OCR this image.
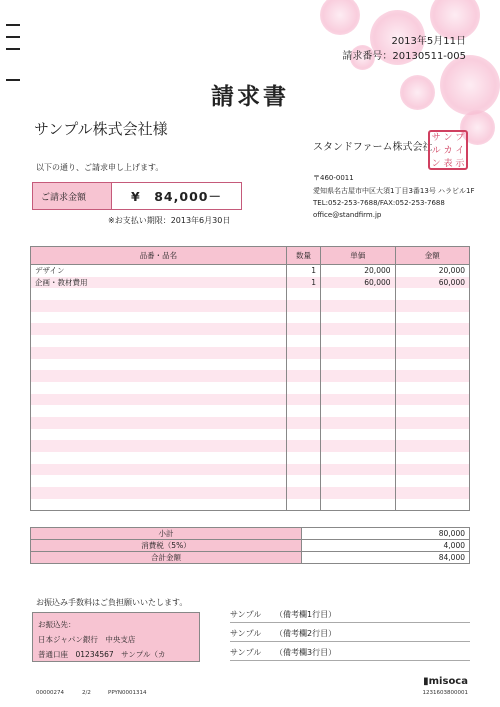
2013年5月11日
請求番号：20130511-005
請求書
サンプル株式会社様
以下の通り、ご請求申し上げます。
ご請求金額	¥　84,000－
※お支払い期限：2013年6月30日
スタンドファーム株式会社
サ ン プ
ル カ イ
ン 表 示
〒460-0011
愛知県名古屋市中区大須1丁目3番13号 ハラビル1F
TEL:052-253-7688/FAX:052-253-7688
office@standfirm.jp
品番・品名	数量	単価	金額
デザイン	1	20,000	20,000
企画・教材費用	1	60,000	60,000

小計	80,000
消費税（5%）	4,000
合計金額	84,000
お振込み手数料はご負担願いいたします。
お振込先：
日本ジャパン銀行　中央支店
普通口座　01234567　サンプル（カ
サンプル （備考欄1行目）
サンプル （備考欄2行目）
サンプル （備考欄3行目）
00000274	2/2	PPYN0001314
▮misoca
1231603800001
